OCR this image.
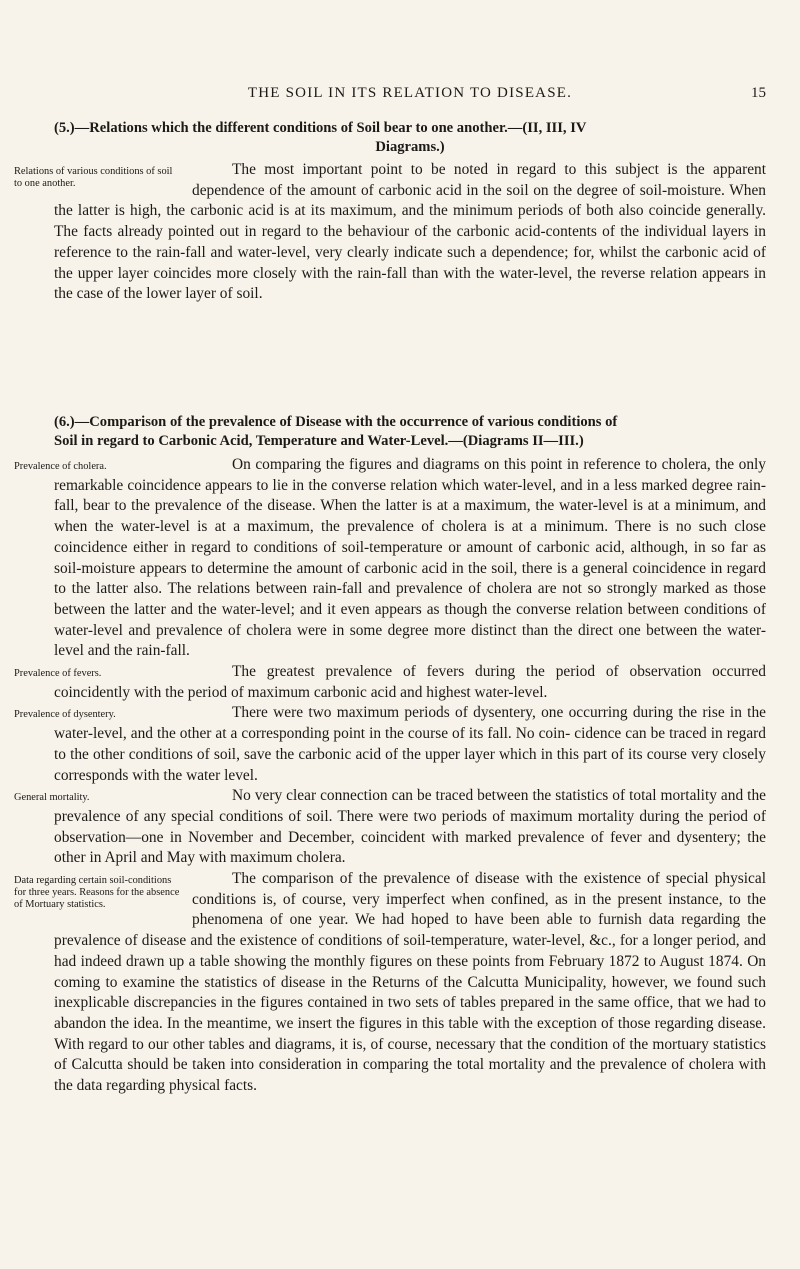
THE SOIL IN ITS RELATION TO DISEASE.	15
(5.)—Relations which the different conditions of Soil bear to one another.—(II, III, IV
Diagrams.)

The most important point to be noted in regard to this subject is the
Relations of various conditions of soil to one another.
apparent dependence of the amount of carbonic acid in the soil on the degree of soil-moisture. When the latter is high, the carbonic acid is at its maximum, and the minimum periods of both also coincide generally. The facts already pointed out in regard to the behaviour of the carbonic acid-contents of the individual layers in reference to the rain-fall and water-level, very clearly indicate such a dependence; for, whilst the carbonic acid of the upper layer coincides more closely with the rain-fall than with the water-level, the reverse relation appears in the case of the lower layer of soil.

(6.)—Comparison of the prevalence of Disease with the occurrence of various conditions of
Soil in regard to Carbonic Acid, Temperature and Water-Level.—(Diagrams II—III.)

On comparing the figures and diagrams on this point in reference to
Prevalence of cholera.	cholera, the only remarkable coincidence appears to lie in the converse relation which water-level, and in a less marked degree rain-fall, bear to the prevalence of the disease. When the latter is at a maximum, the water-level is at a minimum, and when the water-level is at a maximum, the prevalence of cholera is at a minimum. There is no such close coincidence either in regard to conditions of soil-temperature or amount of carbonic acid, although, in so far as soil-moisture appears to determine the amount of carbonic acid in the soil, there is a general coincidence in regard to the latter also. The relations between rain-fall and prevalence of cholera are not so strongly marked as those between the latter and the water-level; and it even appears as though the converse relation between conditions of water-level and prevalence of cholera were in some degree more distinct than the direct one between the water-level and the rain-fall.

The greatest prevalence of fevers during the period of observation occurred
Prevalence of fevers.
coincidently with the period of maximum carbonic acid and highest water-level.

There were two maximum periods of dysentery, one occurring during the
Prevalence of dysentery.	rise in the water-level, and the other at a corresponding point in the course of its fall. No coin- cidence can be traced in regard to the other conditions of soil, save the carbonic acid of the upper layer which in this part of its course very closely corresponds with the water level.

No very clear connection can be traced between the statistics of total
General mortality.	mortality and the prevalence of any special conditions of soil. There were two periods of maximum mortality during the period of observation—one in November and December, coincident with marked prevalence of fever and dysentery; the other in April and May with maximum cholera.

The comparison of the prevalence of disease with the existence of special
Data regarding certain soil-conditions for three years. Reasons for the absence of Mortuary statistics.
physical conditions is, of course, very imperfect when confined, as in the present instance, to the phenomena of one year. We had hoped to have been able to furnish data regarding the prevalence of disease and the existence of conditions of soil-temperature, water-level, &c., for a longer period, and had indeed drawn up a table showing the monthly figures on these points from February 1872 to August 1874. On coming to examine the statistics of disease in the Returns of the Calcutta Municipality, however, we found such inexplicable discrepancies in the figures contained in two sets of tables prepared in the same office, that we had to abandon the idea. In the meantime, we insert the figures in this table with the exception of those regarding disease. With regard to our other tables and diagrams, it is, of course, necessary that the condition of the mortuary statistics of Calcutta should be taken into consideration in comparing the total mortality and the prevalence of cholera with the data regarding physical facts.
